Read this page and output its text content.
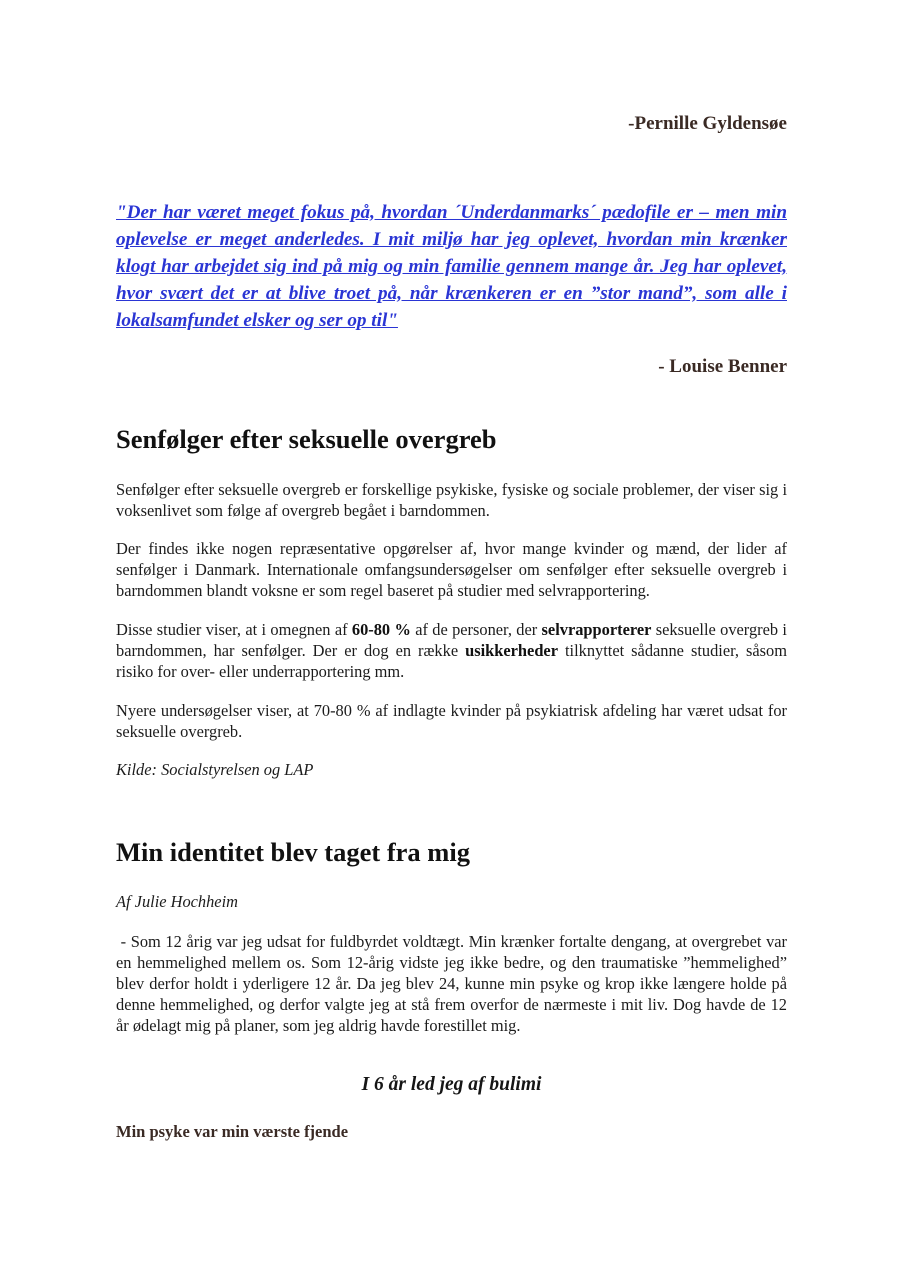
-Pernille Gyldensøe
"Der har været meget fokus på, hvordan ´Underdanmarks´ pædofile er – men min oplevelse er meget anderledes. I mit miljø har jeg oplevet, hvordan min krænker klogt har arbejdet sig ind på mig og min familie gennem mange år. Jeg har oplevet, hvor svært det er at blive troet på, når krænkeren er en ”stor mand”, som alle i lokalsamfundet elsker og ser op til"
- Louise Benner
Senfølger efter seksuelle overgreb
Senfølger efter seksuelle overgreb er forskellige psykiske, fysiske og sociale problemer, der viser sig i voksenlivet som følge af overgreb begået i barndommen.
Der findes ikke nogen repræsentative opgørelser af, hvor mange kvinder og mænd, der lider af senfølger i Danmark. Internationale omfangsundersøgelser om senfølger efter seksuelle overgreb i barndommen blandt voksne er som regel baseret på studier med selvrapportering.
Disse studier viser, at i omegnen af 60-80 % af de personer, der selvrapporterer seksuelle overgreb i barndommen, har senfølger. Der er dog en række usikkerheder tilknyttet sådanne studier, såsom risiko for over- eller underrapportering mm.
Nyere undersøgelser viser, at 70-80 % af indlagte kvinder på psykiatrisk afdeling har været udsat for seksuelle overgreb.
Kilde: Socialstyrelsen og LAP
Min identitet blev taget fra mig
Af Julie Hochheim
- Som 12 årig var jeg udsat for fuldbyrdet voldtægt. Min krænker fortalte dengang, at overgrebet var en hemmelighed mellem os. Som 12-årig vidste jeg ikke bedre, og den traumatiske ”hemmelighed” blev derfor holdt i yderligere 12 år. Da jeg blev 24, kunne min psyke og krop ikke længere holde på denne hemmelighed, og derfor valgte jeg at stå frem overfor de nærmeste i mit liv. Dog havde de 12 år ødelagt mig på planer, som jeg aldrig havde forestillet mig.
I 6 år led jeg af bulimi
Min psyke var min værste fjende
